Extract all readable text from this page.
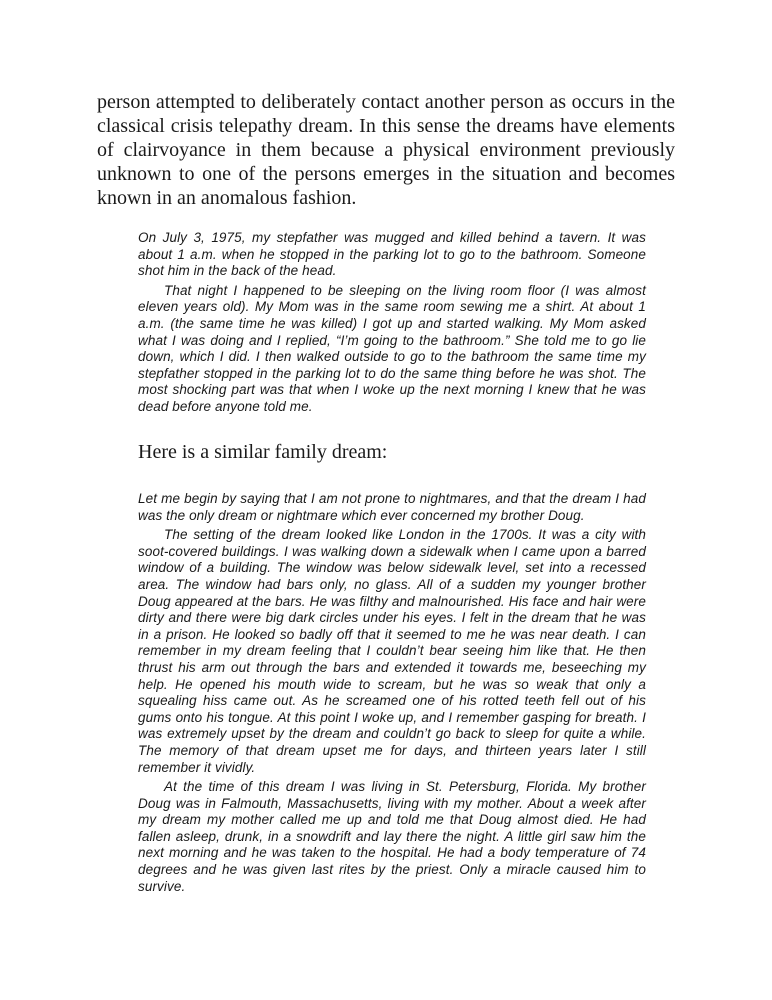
person attempted to deliberately contact another person as occurs in the classical crisis telepathy dream. In this sense the dreams have elements of clairvoyance in them because a physical environment previously unknown to one of the persons emerges in the situation and becomes known in an anomalous fashion.

On July 3, 1975, my stepfather was mugged and killed behind a tavern. It was about 1 a.m. when he stopped in the parking lot to go to the bathroom. Someone shot him in the back of the head.

That night I happened to be sleeping on the living room floor (I was almost eleven years old). My Mom was in the same room sewing me a shirt. At about 1 a.m. (the same time he was killed) I got up and started walking. My Mom asked what I was doing and I replied, “I’m going to the bathroom.” She told me to go lie down, which I did. I then walked outside to go to the bathroom the same time my stepfather stopped in the parking lot to do the same thing before he was shot. The most shocking part was that when I woke up the next morning I knew that he was dead before anyone told me.

Here is a similar family dream:

Let me begin by saying that I am not prone to nightmares, and that the dream I had was the only dream or nightmare which ever concerned my brother Doug.

The setting of the dream looked like London in the 1700s. It was a city with soot-covered buildings. I was walking down a sidewalk when I came upon a barred window of a building. The window was below sidewalk level, set into a recessed area. The window had bars only, no glass. All of a sudden my younger brother Doug appeared at the bars. He was filthy and malnourished. His face and hair were dirty and there were big dark circles under his eyes. I felt in the dream that he was in a prison. He looked so badly off that it seemed to me he was near death. I can remember in my dream feeling that I couldn’t bear seeing him like that. He then thrust his arm out through the bars and extended it towards me, beseeching my help. He opened his mouth wide to scream, but he was so weak that only a squealing hiss came out. As he screamed one of his rotted teeth fell out of his gums onto his tongue. At this point I woke up, and I remember gasping for breath. I was extremely upset by the dream and couldn’t go back to sleep for quite a while. The memory of that dream upset me for days, and thirteen years later I still remember it vividly.

At the time of this dream I was living in St. Petersburg, Florida. My brother Doug was in Falmouth, Massachusetts, living with my mother. About a week after my dream my mother called me up and told me that Doug almost died. He had fallen asleep, drunk, in a snowdrift and lay there the night. A little girl saw him the next morning and he was taken to the hospital. He had a body temperature of 74 degrees and he was given last rites by the priest. Only a miracle caused him to survive.
